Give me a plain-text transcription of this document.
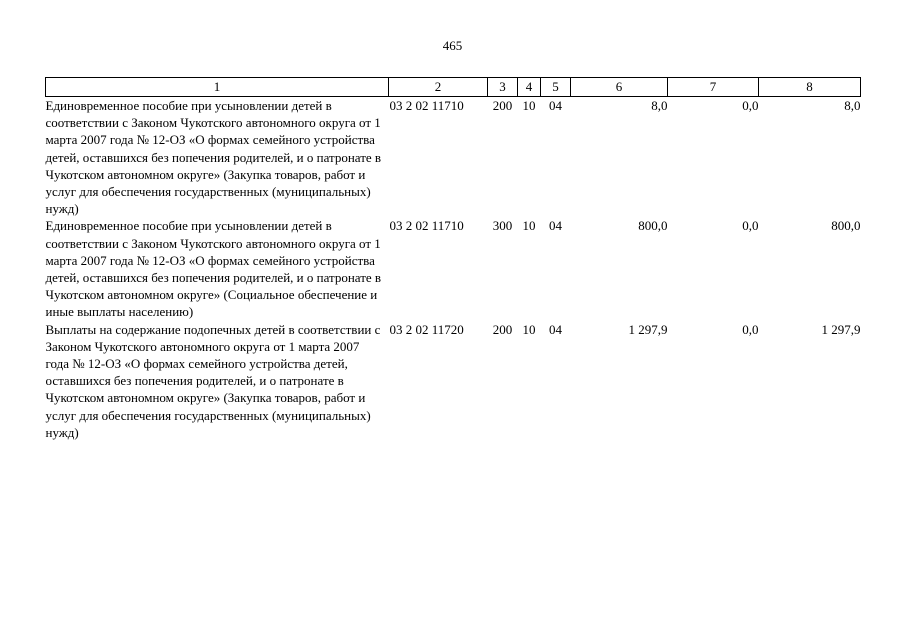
465
1	2	3	4	5	6	7	8
Единовременное пособие при усыновлении детей в соответствии с Законом Чукотского автономного округа от 1 марта 2007 года № 12-ОЗ «О формах семейного устройства детей, оставшихся без попечения родителей, и о патронате в Чукотском автономном округе» (Закупка товаров, работ и услуг для обеспечения государственных (муниципальных) нужд)	03 2 02 11710	200	10	04	8,0	0,0	8,0
Единовременное пособие при усыновлении детей в соответствии с Законом Чукотского автономного округа от 1 марта 2007 года № 12-ОЗ «О формах семейного устройства детей, оставшихся без попечения родителей, и о патронате в Чукотском автономном округе» (Социальное обеспечение и иные выплаты населению)	03 2 02 11710	300	10	04	800,0	0,0	800,0
Выплаты на содержание подопечных детей в соответствии с Законом Чукотского автономного округа от 1 марта 2007 года № 12-ОЗ «О формах семейного устройства детей, оставшихся без попечения родителей, и о патронате в Чукотском автономном округе» (Закупка товаров, работ и услуг для обеспечения государственных (муниципальных) нужд)	03 2 02 11720	200	10	04	1 297,9	0,0	1 297,9
